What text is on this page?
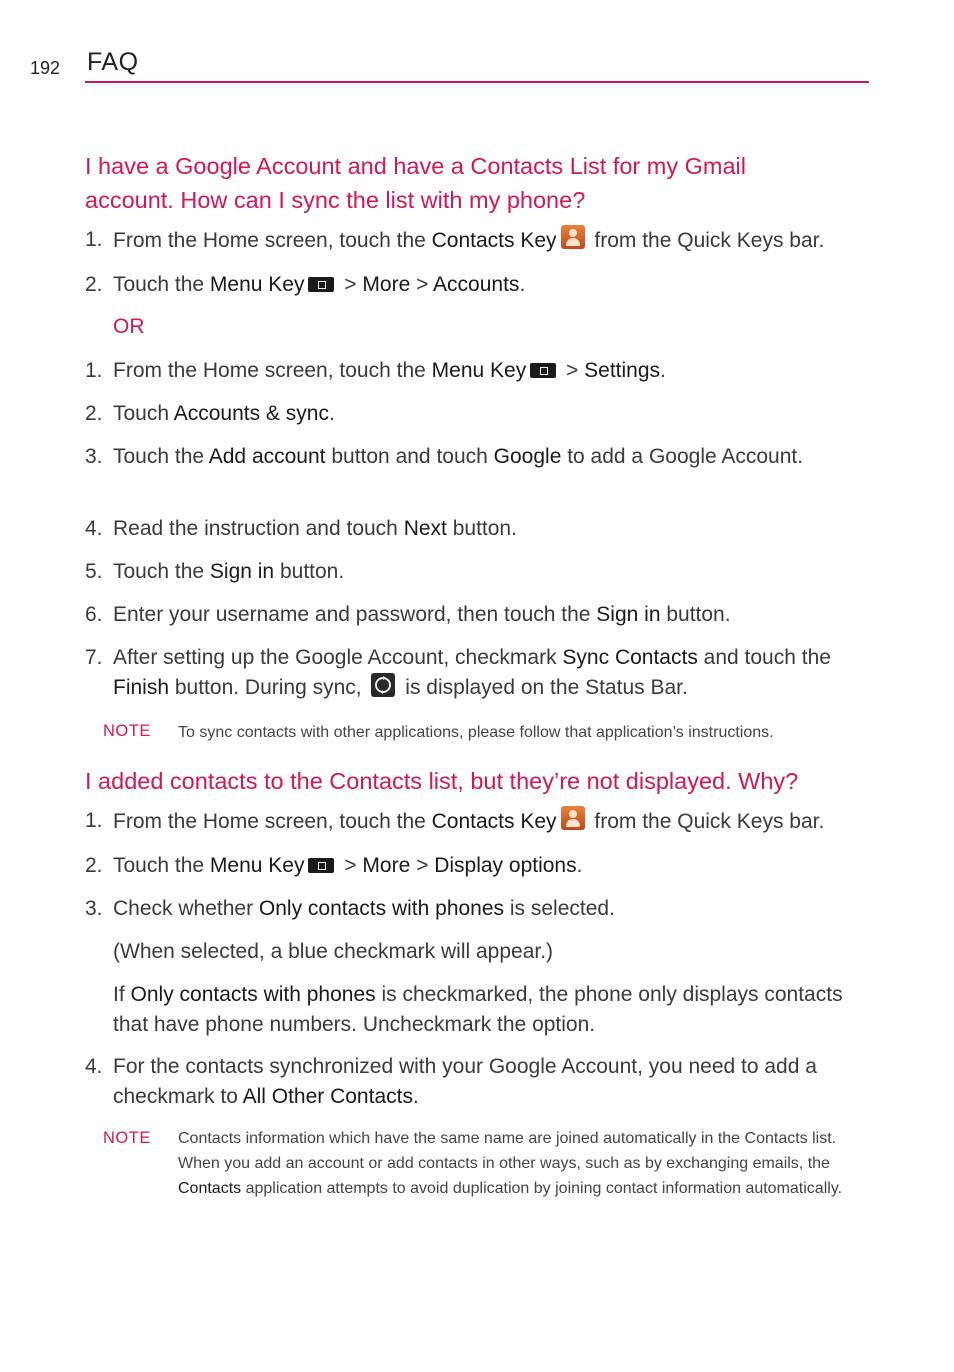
192 FAQ
I have a Google Account and have a Contacts List for my Gmail
account. How can I sync the list with my phone?
1. From the Home screen, touch the Contacts Key from the Quick Keys bar.
2. Touch the Menu Key > More > Accounts.
OR
1. From the Home screen, touch the Menu Key > Settings.
2. Touch Accounts & sync.
3. Touch the Add account button and touch Google to add a Google Account.
4. Read the instruction and touch Next button.
5. Touch the Sign in button.
6. Enter your username and password, then touch the Sign in button.
7. After setting up the Google Account, checkmark Sync Contacts and touch the Finish button. During sync,  is displayed on the Status Bar.
NOTE To sync contacts with other applications, please follow that application’s instructions.
I added contacts to the Contacts list, but they’re not displayed. Why?
1. From the Home screen, touch the Contacts Key from the Quick Keys bar.
2. Touch the Menu Key > More > Display options.
3. Check whether Only contacts with phones is selected.
(When selected, a blue checkmark will appear.)
If Only contacts with phones is checkmarked, the phone only displays contacts that have phone numbers. Uncheckmark the option.
4. For the contacts synchronized with your Google Account, you need to add a checkmark to All Other Contacts.
NOTE Contacts information which have the same name are joined automatically in the Contacts list. When you add an account or add contacts in other ways, such as by exchanging emails, the Contacts application attempts to avoid duplication by joining contact information automatically.
